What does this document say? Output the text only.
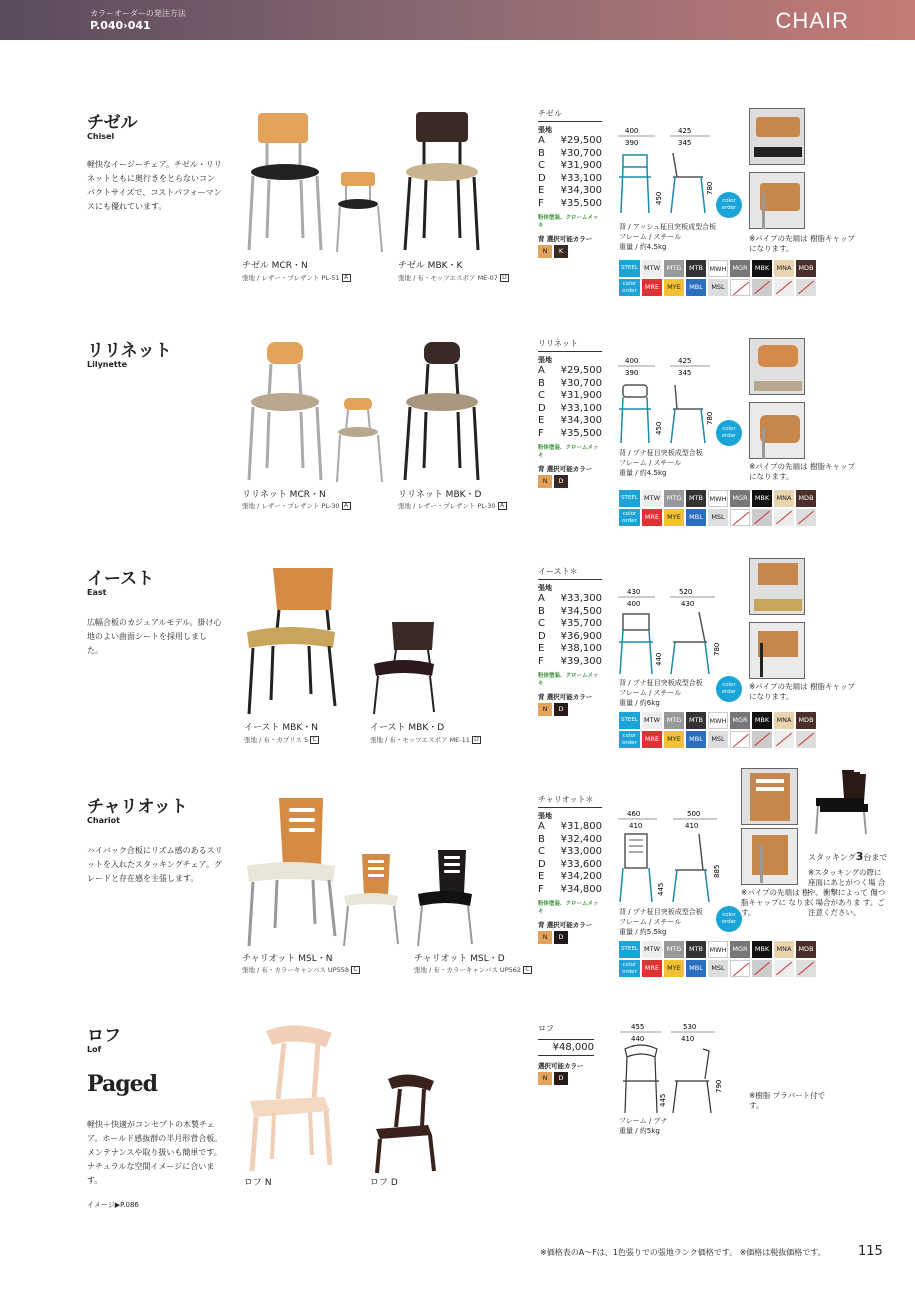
カラーオーダーの発注方法
P.040›041	CHAIR
チゼル
Chisel
軽快なイージーチェア。チゼル・リリネットともに奥行きをとらないコンパクトサイズで、コストパフォーマンスにも優れています。
チゼル MCR・N
張地 / レザー・プレザント PL-51 A
チゼル MBK・K
張地 / 布・モッツエスポア ME-07 D
チゼル
張地
A ¥29,500
B ¥30,700
C ¥31,900
D ¥33,100
E ¥34,300
F ¥35,500
粉体塗装、クロームメッキ
背 選択可能カラー
N K
400
390
425
345
450
780
color
order
背 / アッシュ柾目突板成型合板
フレーム / スチール
重量 / 約4.5kg
※パイプの先端は 樹脂キャップになります。
STEEL MTW	MTG	MTB	MWH MGR	MBK	MNA	MDB
color order	MRE	MYE	MBL	MSL
リリネット
Lilynette
リリネット MCR・N
張地 / レザー・プレザント PL-30 A
リリネット MBK・D
張地 / レザー・プレザント PL-30 A
リリネット
張地
A ¥29,500
B ¥30,700
C ¥31,900
D ¥33,100
E ¥34,300
F ¥35,500
粉体塗装、クロームメッキ
背 選択可能カラー
N D
400
390
425
345
450
780
color
order
背 / ブナ柾目突板成型合板
フレーム / スチール
重量 / 約4.5kg
※パイプの先端は 樹脂キャップになります。
STEEL MTW	MTG	MTB	MWH MGR	MBK	MNA	MDB
color order	MRE	MYE	MBL	MSL
イースト
East
広幅合板のカジュアルモデル。掛け心地のよい曲面シートを採用しました。
イースト MBK・N
張地 / 布・カプリス 5 C
イースト MBK・D
張地 / 布・モッツエスポア ME-11 D
イースト＊
張地
A ¥33,300
B ¥34,500
C ¥35,700
D ¥36,900
E ¥38,100
F ¥39,300
粉体塗装、クロームメッキ
背 選択可能カラー
N D
430
400
520
430
440
780
color
order
背 / ブナ柾目突板成型合板
フレーム / スチール
重量 / 約6kg
※パイプの先端は 樹脂キャップになります。
STEEL MTW	MTG	MTB	MWH MGR	MBK	MNA	MDB
color order	MRE	MYE	MBL	MSL
チャリオット
Chariot
ハイバック合板にリズム感のあるスリットを入れたスタッキングチェア。グレードと存在感を主張します。
チャリオット MSL・N
張地 / 布・カラーキャンバス UP558 C
チャリオット MSL・D
張地 / 布・カラーキャンバス UP562 C
チャリオット＊
張地
A ¥31,800
B ¥32,400
C ¥33,000
D ¥33,600
E ¥34,200
F ¥34,800
粉体塗装、クロームメッキ
背 選択可能カラー
N D
460
410
500
410
445
885
color
order
背 / ブナ柾目突板成型合板
フレーム / スチール
重量 / 約5.5kg
※パイプの先端は 樹脂キャップに なります。
スタッキング3台まで
※スタッキングの際に 座面にあとがつく場 合や、衝撃によって 傷つく場合がありま す。ご注意ください。
STEEL MTW	MTG	MTB	MWH MGR	MBK	MNA	MDB
color order	MRE	MYE	MBL	MSL
ロフ
Lof
Paged
軽快＋快適がコンセプトの木製チェア。ホールド感抜群の半月形背合板。メンテナンスや取り扱いも簡単です。ナチュラルな空間イメージに合います。
イメージ▶P.086
ロフ N	ロフ D
ロフ
¥48,000
選択可能カラー
N D
455
440
530
410
445
790
フレーム / ブナ
重量 / 約5kg
※樹脂 プラパート付です。
※価格表のA〜Fは、1色張りでの張地ランク価格です。 ※価格は税抜価格です。 115
